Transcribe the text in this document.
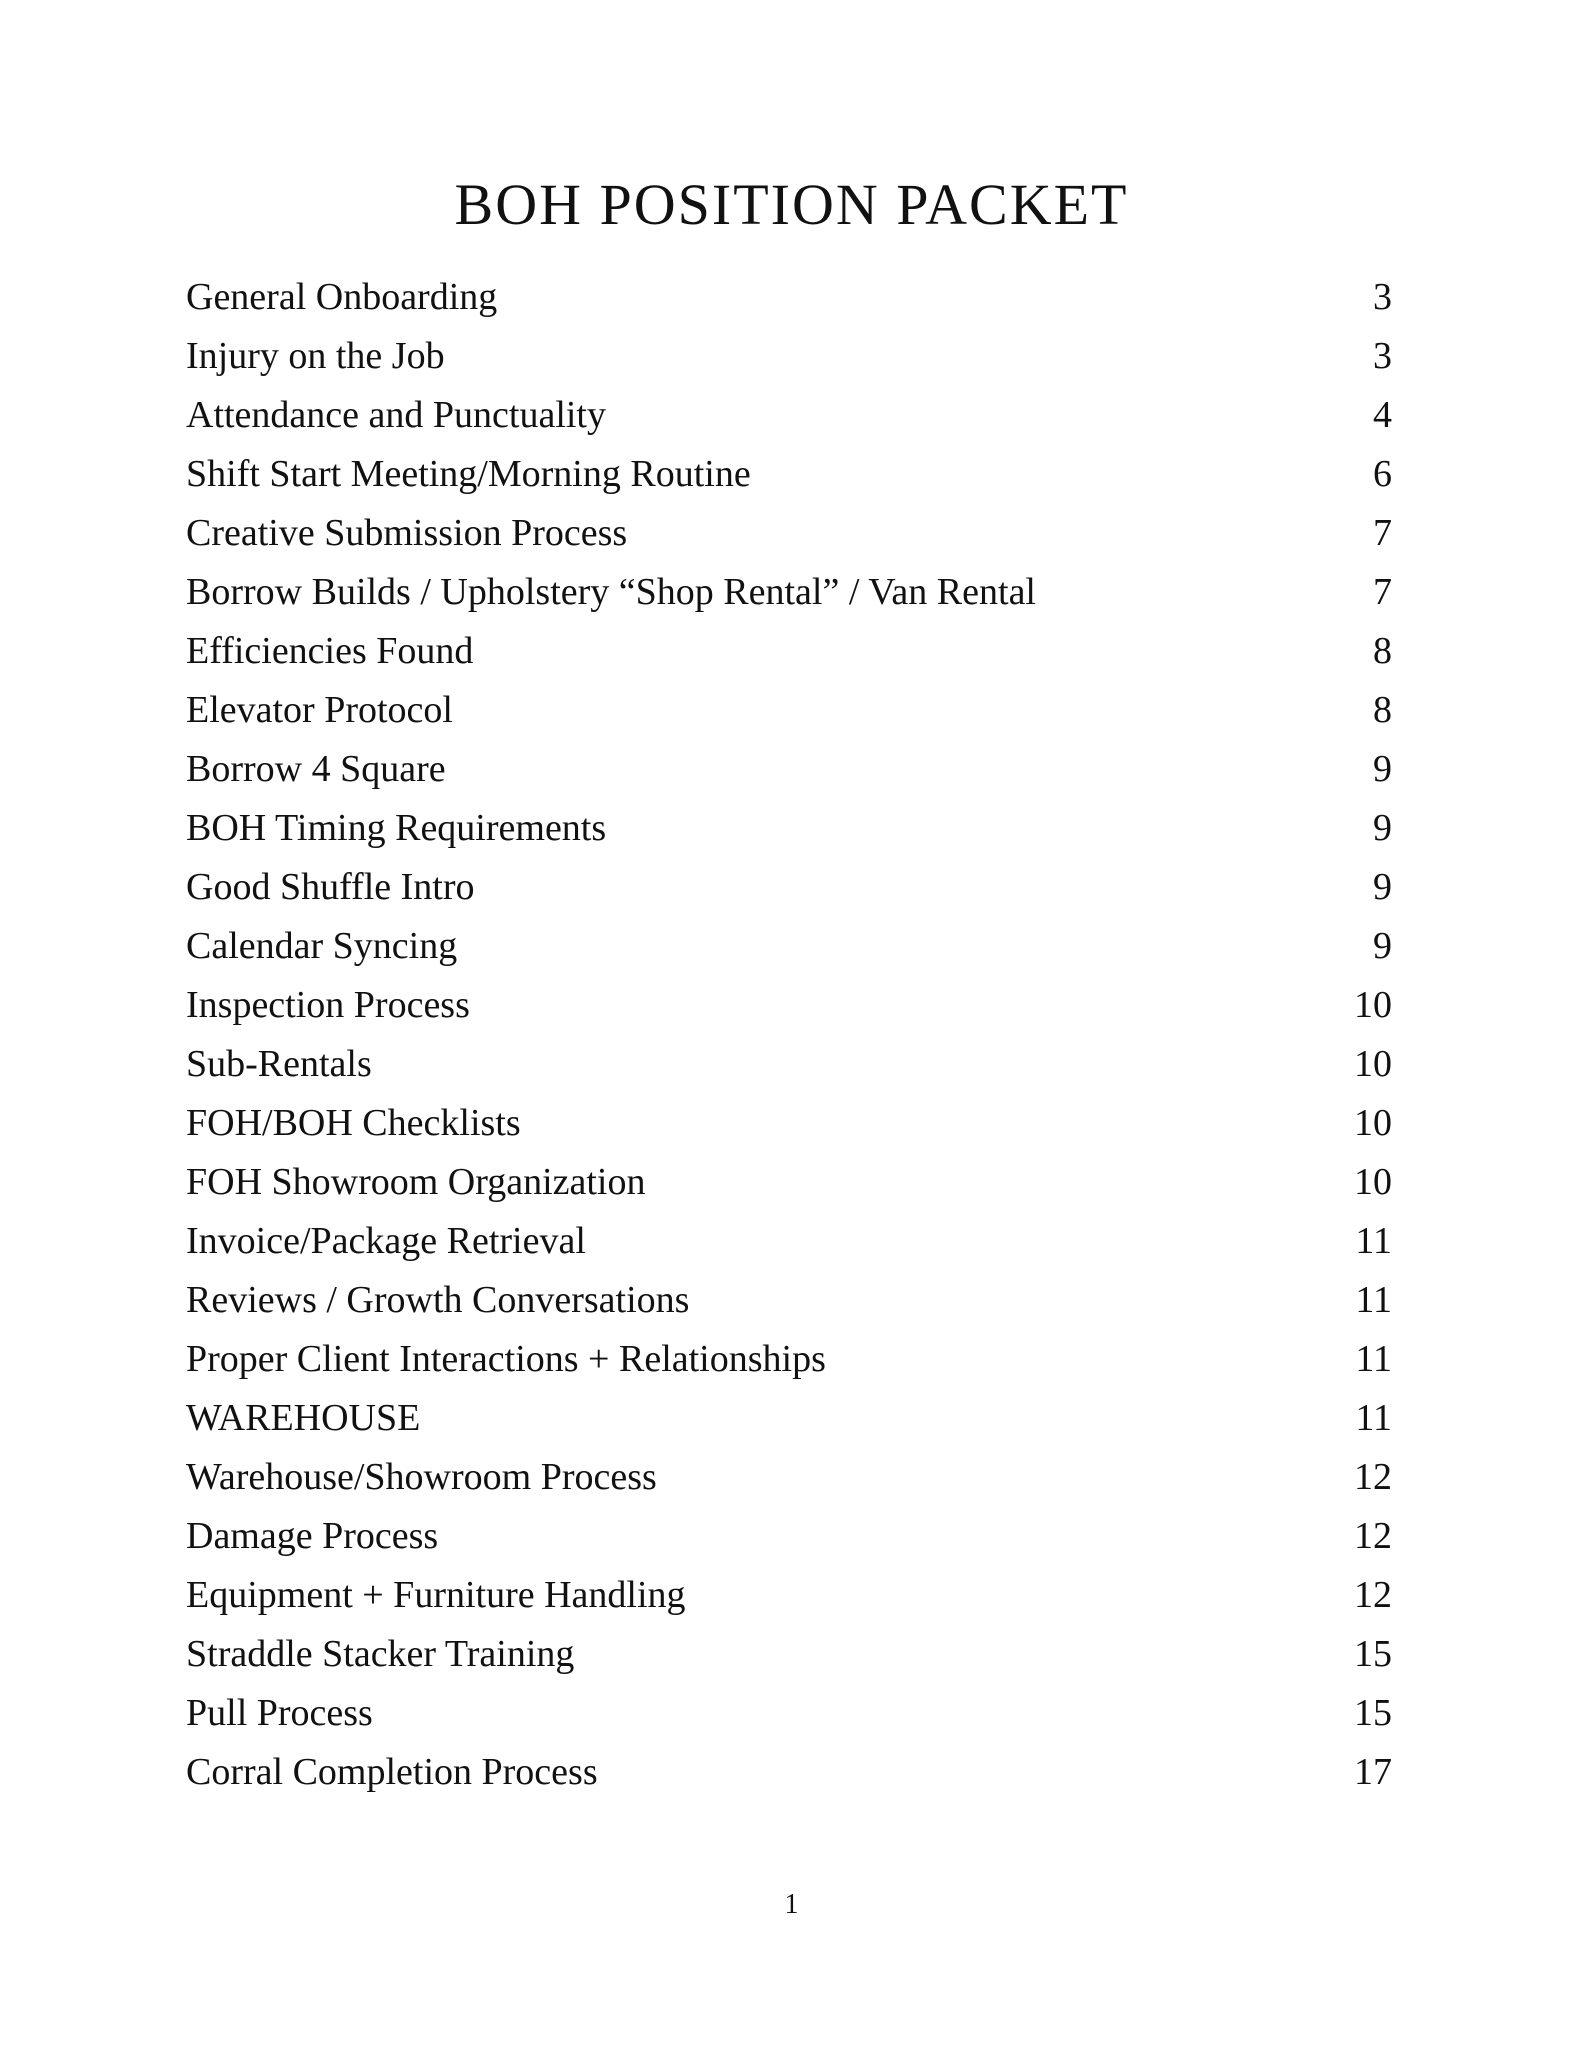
BOH POSITION PACKET
General Onboarding	3
Injury on the Job	3
Attendance and Punctuality	4
Shift Start Meeting/Morning Routine	6
Creative Submission Process	7
Borrow Builds / Upholstery “Shop Rental” / Van Rental	7
Efficiencies Found	8
Elevator Protocol	8
Borrow 4 Square	9
BOH Timing Requirements	9
Good Shuffle Intro	9
Calendar Syncing	9
Inspection Process	10
Sub-Rentals	10
FOH/BOH Checklists	10
FOH Showroom Organization	10
Invoice/Package Retrieval	11
Reviews / Growth Conversations	11
Proper Client Interactions + Relationships	11
WAREHOUSE	11
Warehouse/Showroom Process	12
Damage Process	12
Equipment + Furniture Handling	12
Straddle Stacker Training	15
Pull Process	15
Corral Completion Process	17
1
